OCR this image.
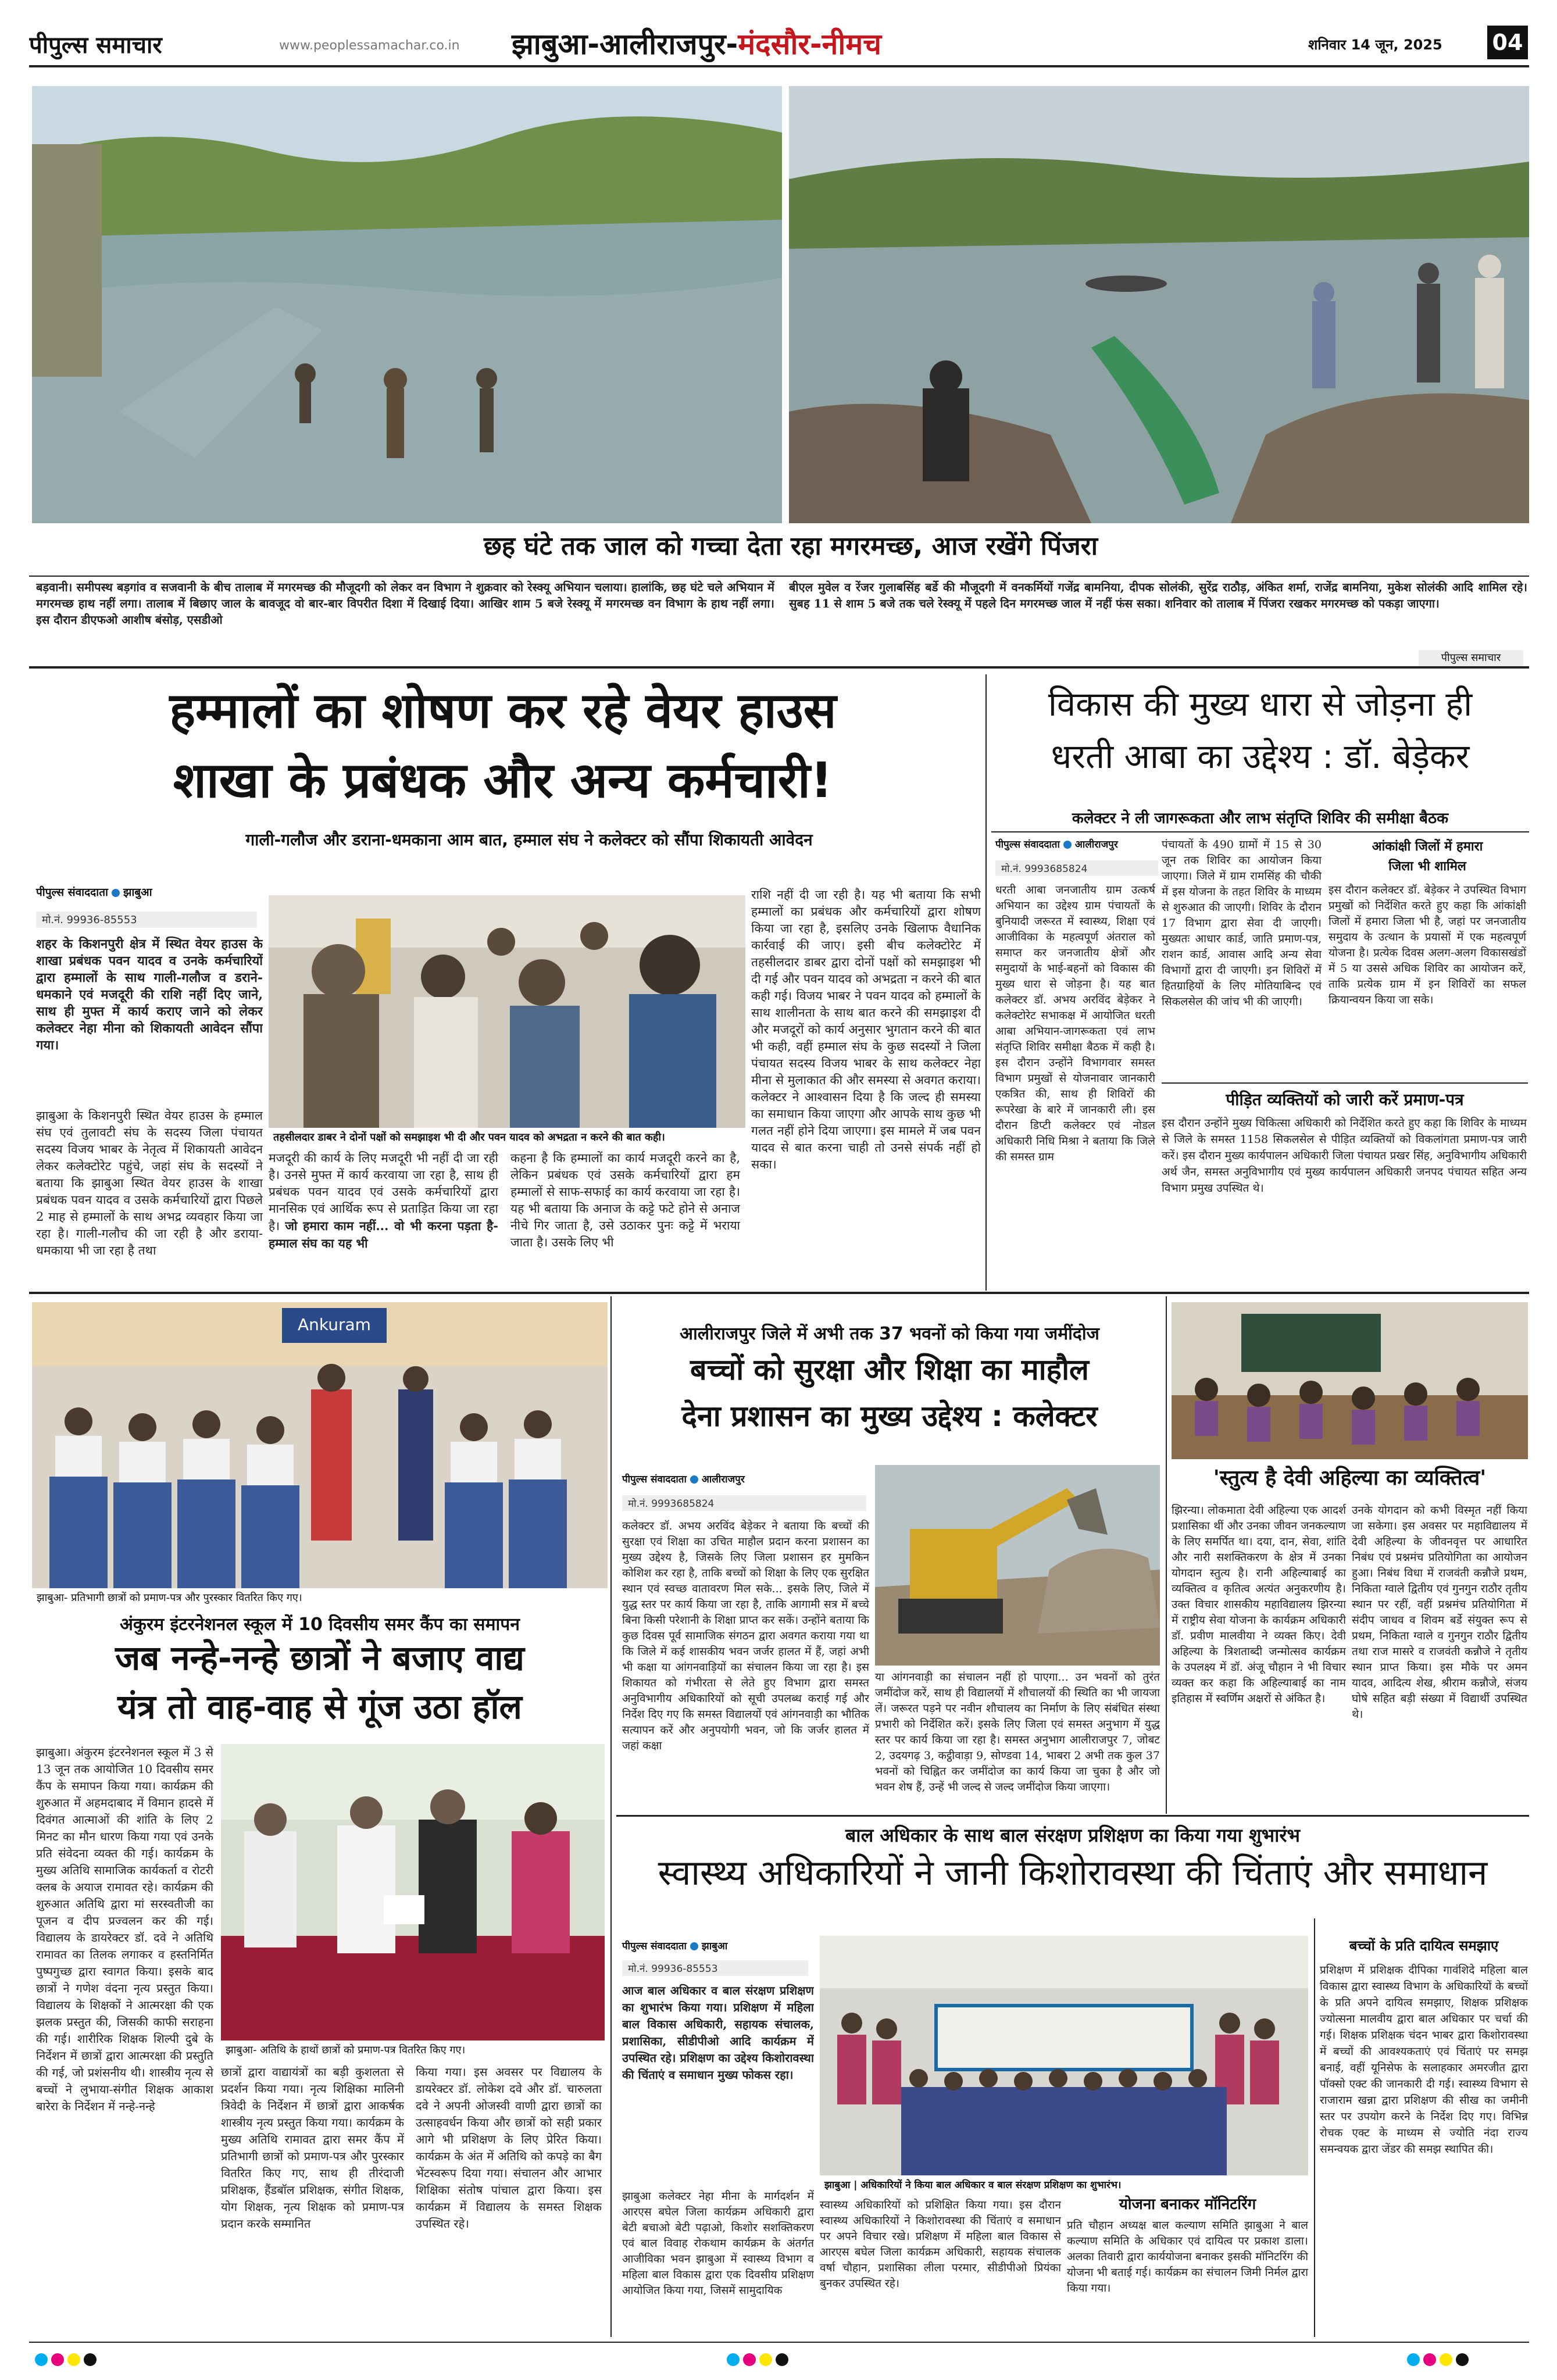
पीपुल्स समाचार	www.peoplessamachar.co.in झाबुआ-आलीराजपुर-मंदसौर-नीमच	शनिवार 14 जून, 2025 04
छह घंटे तक जाल को गच्चा देता रहा मगरमच्छ, आज रखेंगे पिंजरा
बड़वानी। समीपस्थ बड़गांव व सजवानी के बीच तालाब में मगरमच्छ की मौजूदगी को लेकर वन विभाग ने शुक्रवार को रेस्क्यू अभियान चलाया। हालांकि, छह घंटे चले अभियान में मगरमच्छ हाथ नहीं लगा। तालाब में बिछाए जाल के बावजूद वो बार-बार विपरीत दिशा में दिखाई दिया। आखिर शाम 5 बजे रेस्क्यू में मगरमच्छ वन विभाग के हाथ नहीं लगा। इस दौरान डीएफओ आशीष बंसोड़, एसडीओ
बीएल मुवेल व रेंजर गुलाबसिंह बर्डे की मौजूदगी में वनकर्मियों गजेंद्र बामनिया, दीपक सोलंकी, सुरेंद्र राठौड़, अंकित शर्मा, राजेंद्र बामनिया, मुकेश सोलंकी आदि शामिल रहे। सुबह 11 से शाम 5 बजे तक चले रेस्क्यू में पहले दिन मगरमच्छ जाल में नहीं फंस सका। शनिवार को तालाब में पिंजरा रखकर मगरमच्छ को पकड़ा जाएगा।
पीपुल्स समाचार
हम्मालों का शोषण कर रहे वेयर हाउस
शाखा के प्रबंधक और अन्य कर्मचारी!
गाली-गलौज और डराना-धमकाना आम बात, हम्माल संघ ने कलेक्टर को सौंपा शिकायती आवेदन
पीपुल्स संवाददाता झाबुआ
मो.नं. 99936-85553
शहर के किशनपुरी क्षेत्र में स्थित वेयर हाउस के शाखा प्रबंधक पवन यादव व उनके कर्मचारियों द्वारा हम्मालों के साथ गाली-गलौज व डराने-धमकाने एवं मजदूरी की राशि नहीं दिए जाने, साथ ही मुफ्त में कार्य कराए जाने को लेकर कलेक्टर नेहा मीना को शिकायती आवेदन सौंपा गया।
झाबुआ के किशनपुरी स्थित वेयर हाउस के हम्माल संघ एवं तुलावटी संघ के सदस्य जिला पंचायत सदस्य विजय भाबर के नेतृत्व में शिकायती आवेदन लेकर कलेक्टोरेट पहुंचे, जहां संघ के सदस्यों ने बताया कि झाबुआ स्थित वेयर हाउस के शाखा प्रबंधक पवन यादव व उसके कर्मचारियों द्वारा पिछले 2 माह से हम्मालों के साथ अभद्र व्यवहार किया जा रहा है। गाली-गलौच की जा रही है और डराया-धमकाया भी जा रहा है तथा
तहसीलदार डाबर ने दोनों पक्षों को समझाइश भी दी और पवन यादव को अभद्रता न करने की बात कही।
मजदूरी की कार्य के लिए मजदूरी भी नहीं दी जा रही है। उनसे मुफ्त में कार्य करवाया जा रहा है, साथ ही प्रबंधक पवन यादव एवं उसके कर्मचारियों द्वारा मानसिक एवं आर्थिक रूप से प्रताड़ित किया जा रहा है। जो हमारा काम नहीं... वो भी करना पड़ता है-हम्माल संघ का यह भी
कहना है कि हम्मालों का कार्य मजदूरी करने का है, लेकिन प्रबंधक एवं उसके कर्मचारियों द्वारा हम हम्मालों से साफ-सफाई का कार्य करवाया जा रहा है। यह भी बताया कि अनाज के कट्टे फटे होने से अनाज नीचे गिर जाता है, उसे उठाकर पुनः कट्टे में भराया जाता है। उसके लिए भी
राशि नहीं दी जा रही है। यह भी बताया कि सभी हम्मालों का प्रबंधक और कर्मचारियों द्वारा शोषण किया जा रहा है, इसलिए उनके खिलाफ वैधानिक कार्रवाई की जाए। इसी बीच कलेक्टोरेट में तहसीलदार डाबर द्वारा दोनों पक्षों को समझाइश भी दी गई और पवन यादव को अभद्रता न करने की बात कही गई। विजय भाबर ने पवन यादव को हम्मालों के साथ शालीनता के साथ बात करने की समझाइश दी और मजदूरों को कार्य अनुसार भुगतान करने की बात भी कही, वहीं हम्माल संघ के कुछ सदस्यों ने जिला पंचायत सदस्य विजय भाबर के साथ कलेक्टर नेहा मीना से मुलाकात की और समस्या से अवगत कराया। कलेक्टर ने आश्वासन दिया है कि जल्द ही समस्या का समाधान किया जाएगा और आपके साथ कुछ भी गलत नहीं होने दिया जाएगा। इस मामले में जब पवन यादव से बात करना चाही तो उनसे संपर्क नहीं हो सका।
विकास की मुख्य धारा से जोड़ना ही
धरती आबा का उद्देश्य : डॉ. बेड़ेकर
कलेक्टर ने ली जागरूकता और लाभ संतृप्ति शिविर की समीक्षा बैठक
पीपुल्स संवाददाता आलीराजपुर
मो.नं. 9993685824
धरती आबा जनजातीय ग्राम उत्कर्ष अभियान का उद्देश्य ग्राम पंचायतों के बुनियादी जरूरत में स्वास्थ्य, शिक्षा एवं आजीविका के महत्वपूर्ण अंतराल को समाप्त कर जनजातीय क्षेत्रों और समुदायों के भाई-बहनों को विकास की मुख्य धारा से जोड़ना है। यह बात कलेक्टर डॉ. अभय अरविंद बेड़ेकर ने कलेक्टोरेट सभाकक्ष में आयोजित धरती आबा अभियान-जागरूकता एवं लाभ संतृप्ति शिविर समीक्षा बैठक में कही है। इस दौरान उन्होंने विभागवार समस्त विभाग प्रमुखों से योजनावार जानकारी एकत्रित की, साथ ही शिविरों की रूपरेखा के बारे में जानकारी ली। इस दौरान डिप्टी कलेक्टर एवं नोडल अधिकारी निधि मिश्रा ने बताया कि जिले की समस्त ग्राम
पंचायतों के 490 ग्रामों में 15 से 30 जून तक शिविर का आयोजन किया जाएगा। जिले में ग्राम रामसिंह की चौकी में इस योजना के तहत शिविर के माध्यम से शुरुआत की जाएगी। शिविर के दौरान 17 विभाग द्वारा सेवा दी जाएगी। मुख्यतः आधार कार्ड, जाति प्रमाण-पत्र, राशन कार्ड, आवास आदि अन्य सेवा विभागों द्वारा दी जाएगी। इन शिविरों में हितग्राहियों के लिए मोतियाबिन्द एवं सिकलसेल की जांच भी की जाएगी।
आंकांक्षी जिलों में हमारा
जिला भी शामिल
इस दौरान कलेक्टर डॉ. बेड़ेकर ने उपस्थित विभाग प्रमुखों को निर्देशित करते हुए कहा कि आंकांक्षी जिलों में हमारा जिला भी है, जहां पर जनजातीय समुदाय के उत्थान के प्रयासों में एक महत्वपूर्ण योजना है। प्रत्येक दिवस अलग-अलग विकासखंडों में 5 या उससे अधिक शिविर का आयोजन करें, ताकि प्रत्येक ग्राम में इन शिविरों का सफल क्रियान्वयन किया जा सके।
पीड़ित व्यक्तियों को जारी करें प्रमाण-पत्र
इस दौरान उन्होंने मुख्य चिकित्सा अधिकारी को निर्देशित करते हुए कहा कि शिविर के माध्यम से जिले के समस्त 1158 सिकलसेल से पीड़ित व्यक्तियों को विकलांगता प्रमाण-पत्र जारी करें। इस दौरान मुख्य कार्यपालन अधिकारी जिला पंचायत प्रखर सिंह, अनुविभागीय अधिकारी अर्थ जैन, समस्त अनुविभागीय एवं मुख्य कार्यपालन अधिकारी जनपद पंचायत सहित अन्य विभाग प्रमुख उपस्थित थे।
Ankuram
झाबुआ- प्रतिभागी छात्रों को प्रमाण-पत्र और पुरस्कार वितरित किए गए।
अंकुरम इंटरनेशनल स्कूल में 10 दिवसीय समर कैंप का समापन
जब नन्हे-नन्हे छात्रों ने बजाए वाद्य
यंत्र तो वाह-वाह से गूंज उठा हॉल
झाबुआ। अंकुरम इंटरनेशनल स्कूल में 3 से 13 जून तक आयोजित 10 दिवसीय समर कैंप के समापन किया गया। कार्यक्रम की शुरुआत में अहमदाबाद में विमान हादसे में दिवंगत आत्माओं की शांति के लिए 2 मिनट का मौन धारण किया गया एवं उनके प्रति संवेदना व्यक्त की गई। कार्यक्रम के मुख्य अतिथि सामाजिक कार्यकर्ता व रोटरी क्लब के अयाज रामावत रहे। कार्यक्रम की शुरुआत अतिथि द्वारा मां सरस्वतीजी का पूजन व दीप प्रज्वलन कर की गई। विद्यालय के डायरेक्टर डॉ. दवे ने अतिथि रामावत का तिलक लगाकर व हस्तनिर्मित पुष्पगुच्छ द्वारा स्वागत किया। इसके बाद छात्रों ने गणेश वंदना नृत्य प्रस्तुत किया। विद्यालय के शिक्षकों ने आत्मरक्षा की एक झलक प्रस्तुत की, जिसकी काफी सराहना की गई। शारीरिक शिक्षक शिल्पी दुबे के निर्देशन में छात्रों द्वारा आत्मरक्षा की प्रस्तुति की गई, जो प्रशंसनीय थी। शास्त्रीय नृत्य से बच्चों ने लुभाया-संगीत शिक्षक आकाश बारेरा के निर्देशन में नन्हे-नन्हे
झाबुआ- अतिथि के हाथों छात्रों को प्रमाण-पत्र वितरित किए गए।
छात्रों द्वारा वाद्यायंत्रों का बड़ी कुशलता से प्रदर्शन किया गया। नृत्य शिक्षिका मालिनी त्रिवेदी के निर्देशन में छात्रों द्वारा आकर्षक शास्त्रीय नृत्य प्रस्तुत किया गया। कार्यक्रम के मुख्य अतिथि रामावत द्वारा समर कैंप में प्रतिभागी छात्रों को प्रमाण-पत्र और पुरस्कार वितरित किए गए, साथ ही तीरंदाजी प्रशिक्षक, हैंडबॉल प्रशिक्षक, संगीत शिक्षक, योग शिक्षक, नृत्य शिक्षक को प्रमाण-पत्र प्रदान करके सम्मानित
किया गया। इस अवसर पर विद्यालय के डायरेक्टर डॉ. लोकेश दवे और डॉ. चारुलता दवे ने अपनी ओजस्वी वाणी द्वारा छात्रों का उत्साहवर्धन किया और छात्रों को सही प्रकार आगे भी प्रशिक्षण के लिए प्रेरित किया। कार्यक्रम के अंत में अतिथि को कपड़े का बैग भेंटस्वरूप दिया गया। संचालन और आभार शिक्षिका संतोष पांचाल द्वारा किया। इस कार्यक्रम में विद्यालय के समस्त शिक्षक उपस्थित रहे।
आलीराजपुर जिले में अभी तक 37 भवनों को किया गया जमींदोज
बच्चों को सुरक्षा और शिक्षा का माहौल
देना प्रशासन का मुख्य उद्देश्य : कलेक्टर
पीपुल्स संवाददाता आलीराजपुर
मो.नं. 9993685824
कलेक्टर डॉ. अभय अरविंद बेड़ेकर ने बताया कि बच्चों की सुरक्षा एवं शिक्षा का उचित माहौल प्रदान करना प्रशासन का मुख्य उद्देश्य है, जिसके लिए जिला प्रशासन हर मुमकिन कोशिश कर रहा है, ताकि बच्चों को शिक्षा के लिए एक सुरक्षित स्थान एवं स्वच्छ वातावरण मिल सके... इसके लिए, जिले में युद्ध स्तर पर कार्य किया जा रहा है, ताकि आगामी सत्र में बच्चे बिना किसी परेशानी के शिक्षा प्राप्त कर सकें। उन्होंने बताया कि कुछ दिवस पूर्व सामाजिक संगठन द्वारा अवगत कराया गया था कि जिले में कई शासकीय भवन जर्जर हालत में हैं, जहां अभी भी कक्षा या आंगनवाड़ियों का संचालन किया जा रहा है। इस शिकायत को गंभीरता से लेते हुए विभाग द्वारा समस्त अनुविभागीय अधिकारियों को सूची उपलब्ध कराई गई और निर्देश दिए गए कि समस्त विद्यालयों एवं आंगनवाड़ी का भौतिक सत्यापन करें और अनुपयोगी भवन, जो कि जर्जर हालत में जहां कक्षा
या आंगनवाड़ी का संचालन नहीं हो पाएगा... उन भवनों को तुरंत जमींदोज करें, साथ ही विद्यालयों में शौचालयों की स्थिति का भी जायजा लें। जरूरत पड़ने पर नवीन शौचालय का निर्माण के लिए संबंधित संस्था प्रभारी को निर्देशित करें। इसके लिए जिला एवं समस्त अनुभाग में युद्ध स्तर पर कार्य किया जा रहा है। समस्त अनुभाग आलीराजपुर 7, जोबट 2, उदयगढ़ 3, कट्ठीवाड़ा 9, सोण्डवा 14, भाबरा 2 अभी तक कुल 37 भवनों को चिह्नित कर जमींदोज का कार्य किया जा चुका है और जो भवन शेष हैं, उन्हें भी जल्द से जल्द जमींदोज किया जाएगा।
'स्तुत्य है देवी अहिल्या का व्यक्तित्व'
झिरन्या। लोकमाता देवी अहिल्या एक आदर्श प्रशासिका थीं और उनका जीवन जनकल्याण के लिए समर्पित था। दया, दान, सेवा, शांति और नारी सशक्तिकरण के क्षेत्र में उनका योगदान स्तुत्य है। रानी अहिल्याबाई का व्यक्तित्व व कृतित्व अत्यंत अनुकरणीय है। उक्त विचार शासकीय महाविद्यालय झिरन्या में राष्ट्रीय सेवा योजना के कार्यक्रम अधिकारी डॉ. प्रवीण मालवीया ने व्यक्त किए। देवी अहिल्या के त्रिशताब्दी जन्मोत्सव कार्यक्रम के उपलक्ष्य में डॉ. अंजू चौहान ने भी विचार व्यक्त कर कहा कि अहिल्याबाई का नाम इतिहास में स्वर्णिम अक्षरों से अंकित है।
उनके योगदान को कभी विस्मृत नहीं किया जा सकेगा। इस अवसर पर महाविद्यालय में देवी अहिल्या के जीवनवृत्त पर आधारित निबंध एवं प्रश्नमंच प्रतियोगिता का आयोजन हुआ। निबंध विधा में राजवंती कन्नौजे प्रथम, निकिता ग्वाले द्वितीय एवं गुनगुन राठौर तृतीय स्थान पर रहीं, वहीं प्रश्नमंच प्रतियोगिता में संदीप जाधव व शिवम बर्डे संयुक्त रूप से प्रथम, निकिता ग्वाले व गुनगुन राठौर द्वितीय तथा राज मासरे व राजवंती कन्नौजे ने तृतीय स्थान प्राप्त किया। इस मौके पर अमन यादव, आदित्य शेख, श्रीराम कन्नौजे, संजय घोषे सहित बड़ी संख्या में विद्यार्थी उपस्थित थे।
बाल अधिकार के साथ बाल संरक्षण प्रशिक्षण का किया गया शुभारंभ
स्वास्थ्य अधिकारियों ने जानी किशोरावस्था की चिंताएं और समाधान
पीपुल्स संवाददाता झाबुआ
मो.नं. 99936-85553
आज बाल अधिकार व बाल संरक्षण प्रशिक्षण का शुभारंभ किया गया। प्रशिक्षण में महिला बाल विकास अधिकारी, सहायक संचालक, प्रशासिका, सीडीपीओ आदि कार्यक्रम में उपस्थित रहे। प्रशिक्षण का उद्देश्य किशोरावस्था की चिंताएं व समाधान मुख्य फोकस रहा।
झाबुआ कलेक्टर नेहा मीना के मार्गदर्शन में आरएस बघेल जिला कार्यक्रम अधिकारी द्वारा बेटी बचाओ बेटी पढ़ाओ, किशोर सशक्तिकरण एवं बाल विवाह रोकथाम कार्यक्रम के अंतर्गत आजीविका भवन झाबुआ में स्वास्थ्य विभाग व महिला बाल विकास द्वारा एक दिवसीय प्रशिक्षण आयोजित किया गया, जिसमें सामुदायिक
झाबुआ | अधिकारियों ने किया बाल अधिकार व बाल संरक्षण प्रशिक्षण का शुभारंभ।
स्वास्थ्य अधिकारियों को प्रशिक्षित किया गया। इस दौरान स्वास्थ्य अधिकारियों ने किशोरावस्था की चिंताएं व समाधान पर अपने विचार रखे। प्रशिक्षण में महिला बाल विकास से आरएस बघेल जिला कार्यक्रम अधिकारी, सहायक संचालक वर्षा चौहान, प्रशासिका लीला परमार, सीडीपीओ प्रियंका बुनकर उपस्थित रहे।
योजना बनाकर मॉनिटरिंग
प्रति चौहान अध्यक्ष बाल कल्याण समिति झाबुआ ने बाल कल्याण समिति के अधिकार एवं दायित्व पर प्रकाश डाला। अलका तिवारी द्वारा कार्ययोजना बनाकर इसकी मॉनिटरिंग की योजना भी बताई गई। कार्यक्रम का संचालन जिमी निर्मल द्वारा किया गया।
बच्चों के प्रति दायित्व समझाए
प्रशिक्षण में प्रशिक्षक दीपिका गावंशिदे महिला बाल विकास द्वारा स्वास्थ्य विभाग के अधिकारियों के बच्चों के प्रति अपने दायित्व समझाए, शिक्षक प्रशिक्षक ज्योत्सना मालवीय द्वारा बाल अधिकार पर चर्चा की गई। शिक्षक प्रशिक्षक चंदन भाबर द्वारा किशोरावस्था में बच्चों की आवश्यकताएं एवं चिंताएं पर समझ बनाई, वहीं यूनिसेफ के सलाहकार अमरजीत द्वारा पॉक्सो एक्ट की जानकारी दी गई। स्वास्थ्य विभाग से राजाराम खन्ना द्वारा प्रशिक्षण की सीख का जमीनी स्तर पर उपयोग करने के निर्देश दिए गए। विभिन्न रोचक एक्ट के माध्यम से ज्योति नंदा राज्य समन्वयक द्वारा जेंडर की समझ स्थापित की।
